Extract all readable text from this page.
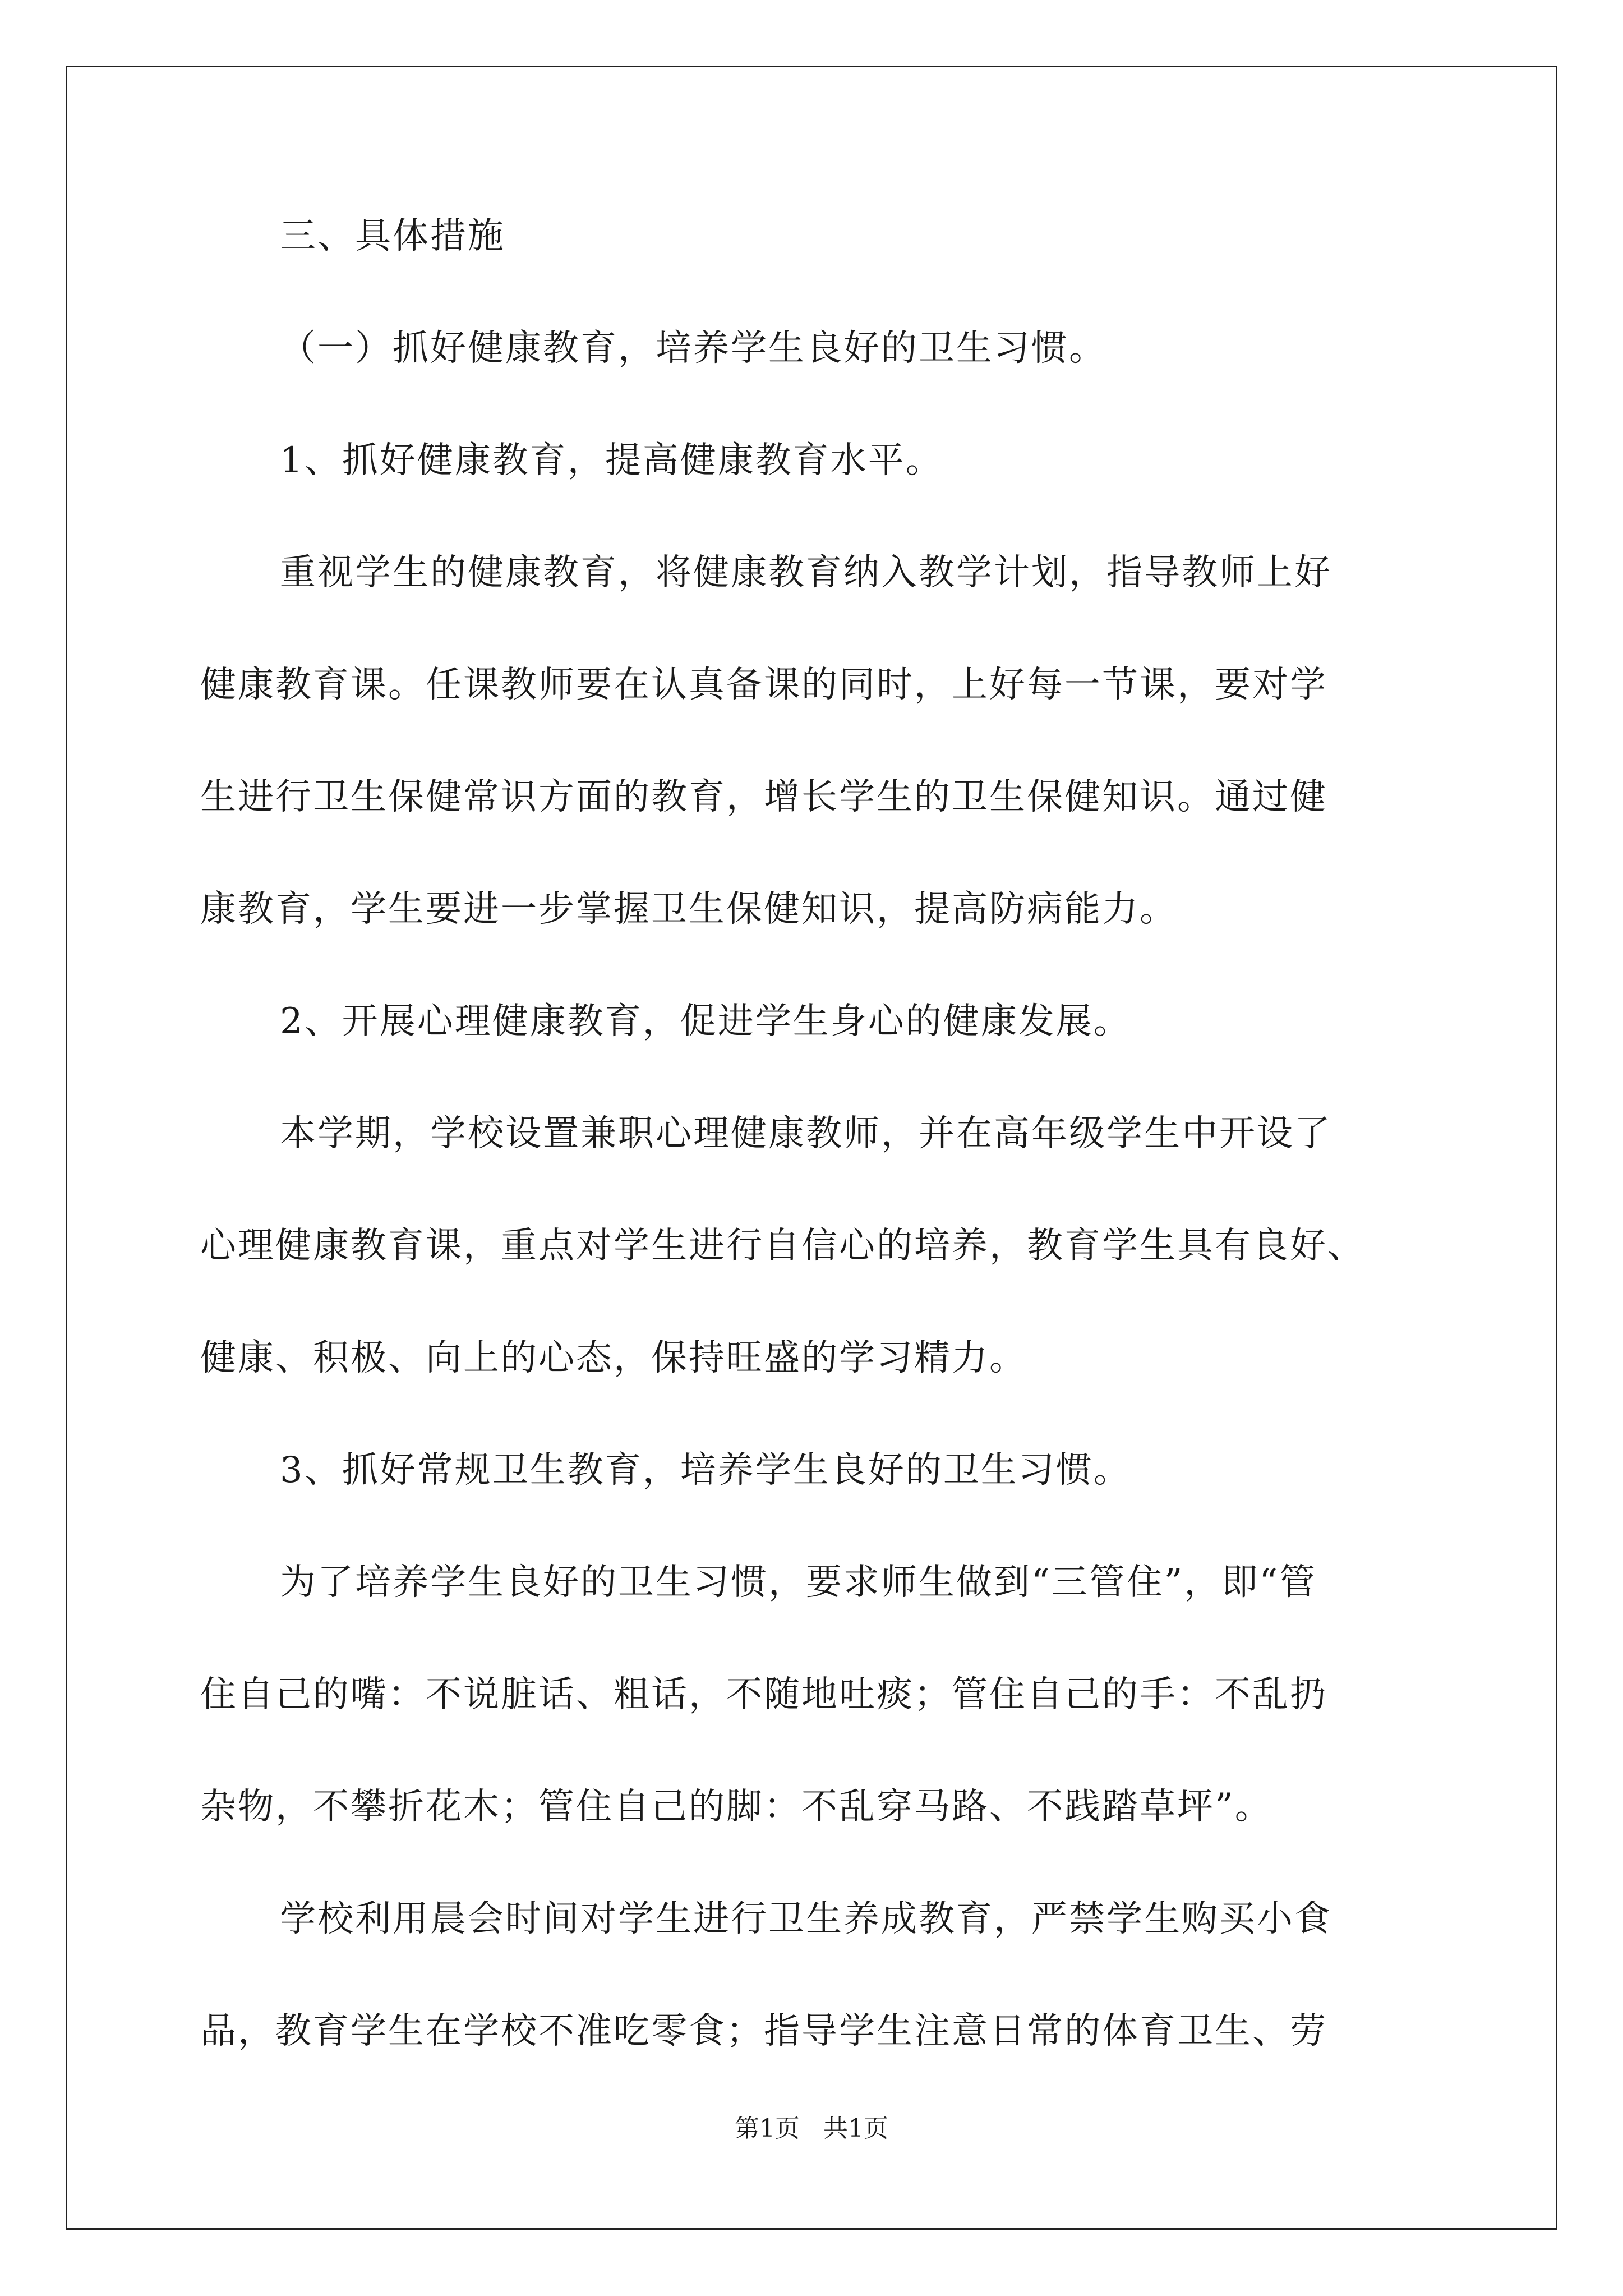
三、具体措施
（一）抓好健康教育，培养学生良好的卫生习惯。
1、抓好健康教育，提高健康教育水平。
重视学生的健康教育，将健康教育纳入教学计划，指导教师上好
健康教育课。任课教师要在认真备课的同时，上好每一节课，要对学
生进行卫生保健常识方面的教育，增长学生的卫生保健知识。通过健
康教育，学生要进一步掌握卫生保健知识，提高防病能力。
2、开展心理健康教育，促进学生身心的健康发展。
本学期，学校设置兼职心理健康教师，并在高年级学生中开设了
心理健康教育课，重点对学生进行自信心的培养，教育学生具有良好、
健康、积极、向上的心态，保持旺盛的学习精力。
3、抓好常规卫生教育，培养学生良好的卫生习惯。
为了培养学生良好的卫生习惯，要求师生做到“三管住”，即“管
住自己的嘴：不说脏话、粗话，不随地吐痰；管住自己的手：不乱扔
杂物，不攀折花木；管住自己的脚：不乱穿马路、不践踏草坪”。
学校利用晨会时间对学生进行卫生养成教育，严禁学生购买小食
品，教育学生在学校不准吃零食；指导学生注意日常的体育卫生、劳
第1页 共1页
